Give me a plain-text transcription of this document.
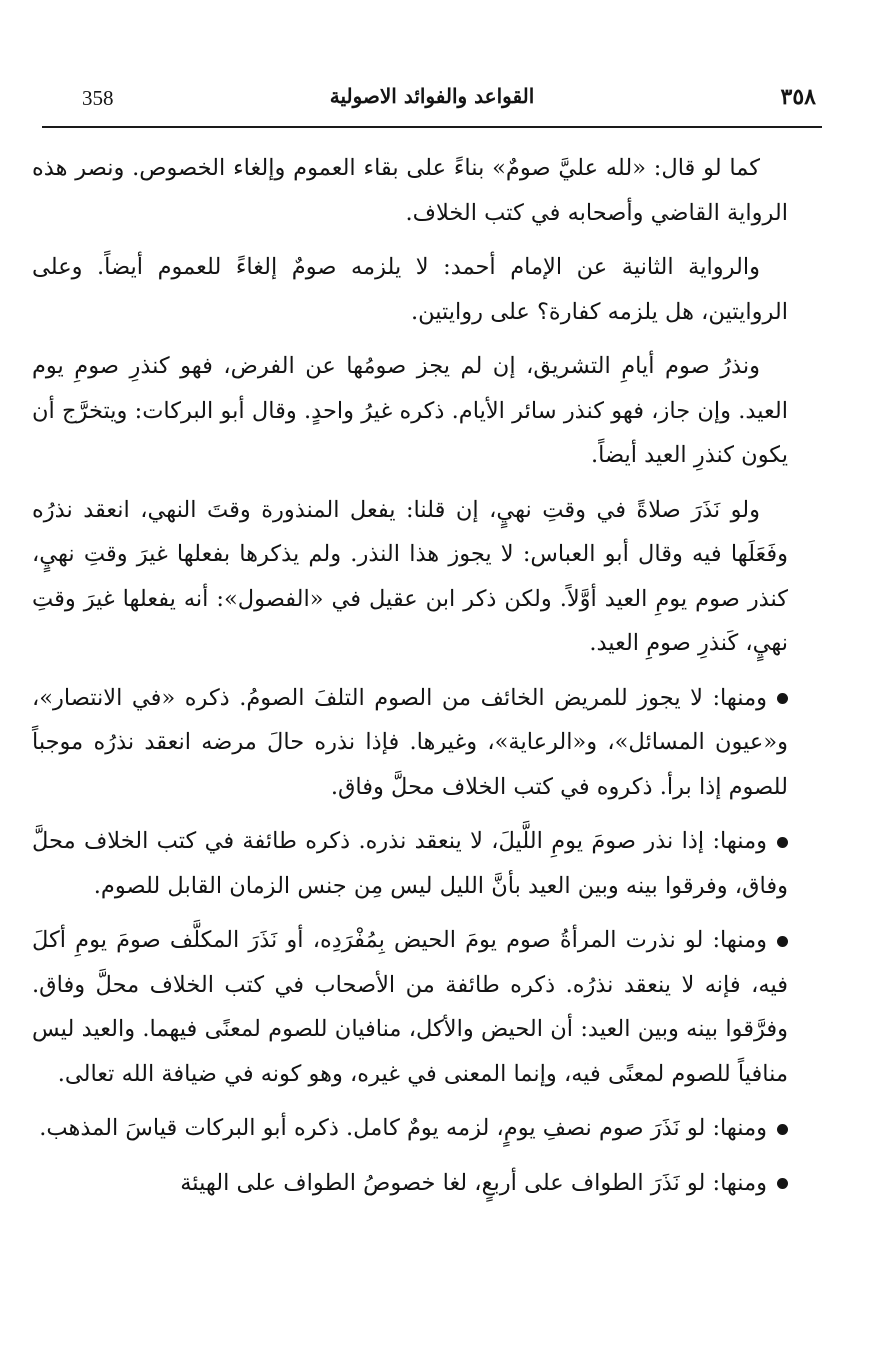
358	القواعد والفوائد الاصولية	٣٥٨

كما لو قال: «لله عليَّ صومٌ» بناءً على بقاء العموم وإلغاء الخصوص. ونصر هذه الرواية القاضي وأصحابه في كتب الخلاف.

والرواية الثانية عن الإمام أحمد: لا يلزمه صومٌ إلغاءً للعموم أيضاً. وعلى الروايتين، هل يلزمه كفارة؟ على روايتين.

ونذرُ صوم أيامِ التشريق، إن لم يجز صومُها عن الفرض، فهو كنذرِ صومِ يوم العيد. وإن جاز، فهو كنذر سائر الأيام. ذكره غيرُ واحدٍ. وقال أبو البركات: ويتخرَّج أن يكون كنذرِ العيد أيضاً.

ولو نَذَرَ صلاةً في وقتِ نهيٍ، إن قلنا: يفعل المنذورة وقتَ النهي، انعقد نذرُه وفَعَلَها فيه وقال أبو العباس: لا يجوز هذا النذر. ولم يذكرها بفعلها غيرَ وقتِ نهيٍ، كنذر صوم يومِ العيد أوَّلاً. ولكن ذكر ابن عقيل في «الفصول»: أنه يفعلها غيرَ وقتِ نهيٍ، كَنذرِ صومِ العيد.

ومنها: لا يجوز للمريض الخائف من الصوم التلفَ الصومُ. ذكره «في الانتصار»، و«عيون المسائل»، و«الرعاية»، وغيرها. فإذا نذره حالَ مرضه انعقد نذرُه موجباً للصوم إذا برأ. ذكروه في كتب الخلاف محلَّ وفاق.

ومنها: إذا نذر صومَ يومِ اللَّيلَ، لا ينعقد نذره. ذكره طائفة في كتب الخلاف محلَّ وفاق، وفرقوا بينه وبين العيد بأنَّ الليل ليس مِن جنس الزمان القابل للصوم.

ومنها: لو نذرت المرأةُ صوم يومَ الحيض بِمُفْرَدِه، أو نَذَرَ المكلَّف صومَ يومِ أكلَ فيه، فإنه لا ينعقد نذرُه. ذكره طائفة من الأصحاب في كتب الخلاف محلَّ وفاق. وفرَّقوا بينه وبين العيد: أن الحيض والأكل، منافيان للصوم لمعنًى فيهما. والعيد ليس منافياً للصوم لمعنًى فيه، وإنما المعنى في غيره، وهو كونه في ضيافة الله تعالى.

ومنها: لو نَذَرَ صوم نصفِ يومٍ، لزمه يومٌ كامل. ذكره أبو البركات قياسَ المذهب.

ومنها: لو نَذَرَ الطواف على أربعٍ، لغا خصوصُ الطواف على الهيئة
